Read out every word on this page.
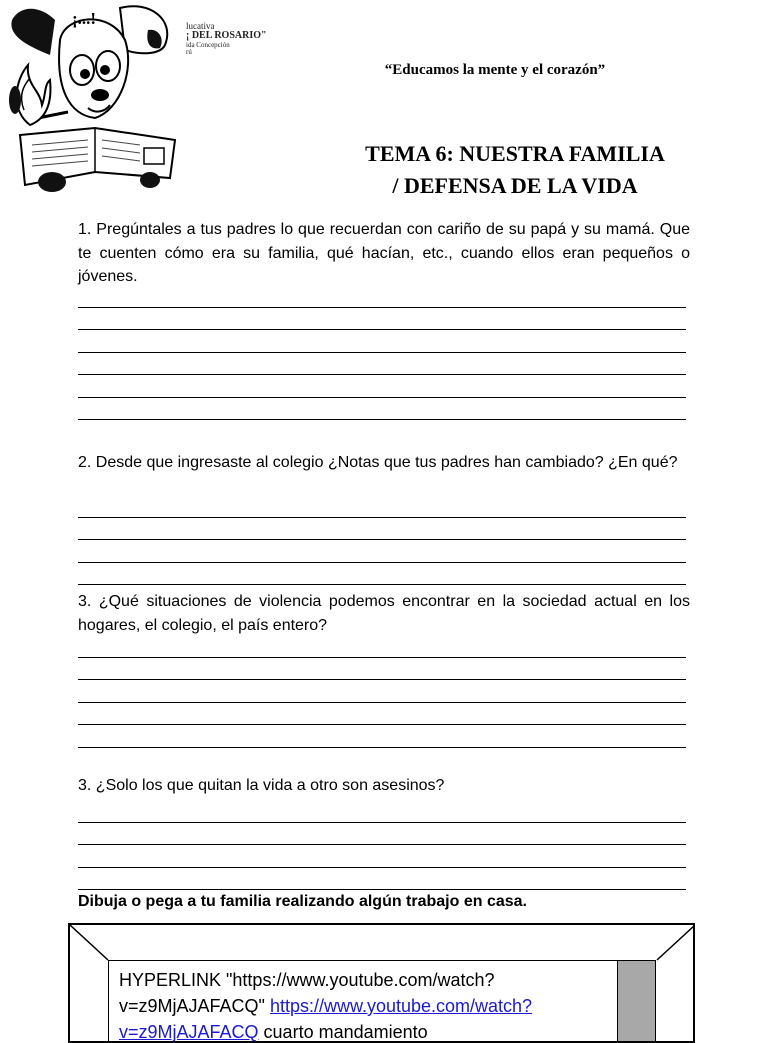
¡...!	lucativa
¡ DEL ROSARIO"
ida Concepción
rú
“Educamos la mente y el corazón”
TEMA 6: NUESTRA FAMILIA
/ DEFENSA DE LA VIDA
1. Pregúntales a tus padres lo que recuerdan con cariño de su papá y su mamá. Que te cuenten cómo era su familia, qué hacían, etc., cuando ellos eran pequeños o jóvenes.
2. Desde que ingresaste al colegio ¿Notas que tus padres han cambiado? ¿En qué?
3. ¿Qué situaciones de violencia podemos encontrar en la sociedad actual en los hogares, el colegio, el país entero?
3. ¿Solo los que quitan la vida a otro son asesinos?
Dibuja o pega a tu familia realizando algún trabajo en casa.
HYPERLINK "https://www.youtube.com/watch?v=z9MjAJAFACQ" https://www.youtube.com/watch?v=z9MjAJAFACQ cuarto mandamiento
